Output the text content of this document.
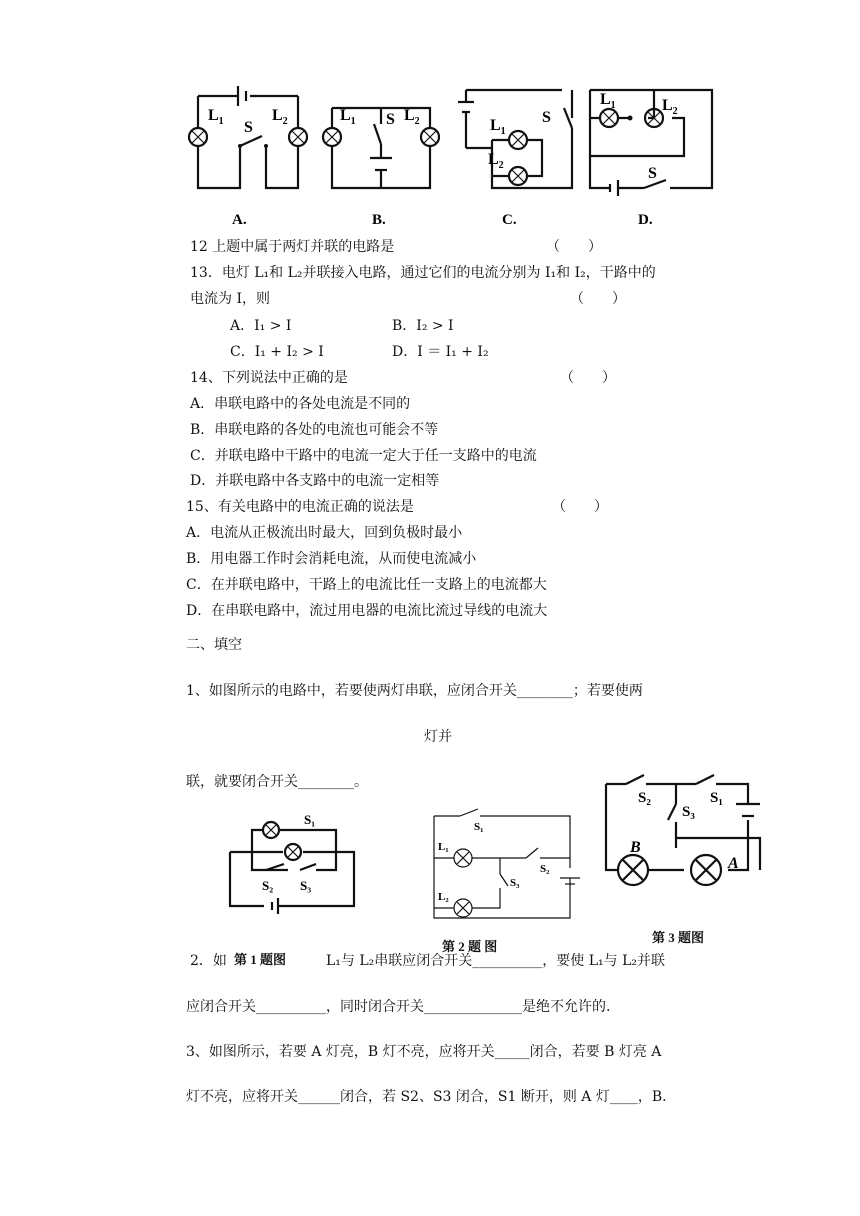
$L_1$ S
$L_2$
A.
$L_1$ S $L_2$
B.
$L_1$
$L_2$
S
C.
$L_1$	$L_2$
S
D.
12 上题中属于两灯并联的电路是	（　　）
13．电灯 L₁和 L₂并联接入电路，通过它们的电流分别为 I₁和 I₂，干路中的
电流为 I，则	（　　）
A．I₁ > I	B．I₂ > I
C．I₁ + I₂ > I	D．I ＝ I₁ + I₂
14、下列说法中正确的是	（　　）
A．串联电路中的各处电流是不同的
B．串联电路的各处的电流也可能会不等
C．并联电路中干路中的电流一定大于任一支路中的电流
D．并联电路中各支路中的电流一定相等
15、有关电路中的电流正确的说法是	（　　）
A．电流从正极流出时最大，回到负极时最小
B．用电器工作时会消耗电流，从而使电流减小
C．在并联电路中，干路上的电流比任一支路上的电流都大
D．在串联电路中，流过用电器的电流比流过导线的电流大
二、填空
1、如图所示的电路中，若要使两灯串联，应闭合开关________；若要使两
灯并
联，就要闭合开关________。
S₁
S₂ S₃
S₁
L₁
L₂
S₂
S₃
S₂	S₁
S₃
B
A
第 2 题 图
第 3 题图
2．如 第 1 题图	L₁与 L₂串联应闭合开关__________，要使 L₁与 L₂并联
应闭合开关__________，同时闭合开关______________是绝不允许的.
3、如图所示，若要 A 灯亮，B 灯不亮，应将开关_____闭合，若要 B 灯亮 A
灯不亮，应将开关______闭合，若 S2、S3 闭合，S1 断开，则 A 灯____，B.
